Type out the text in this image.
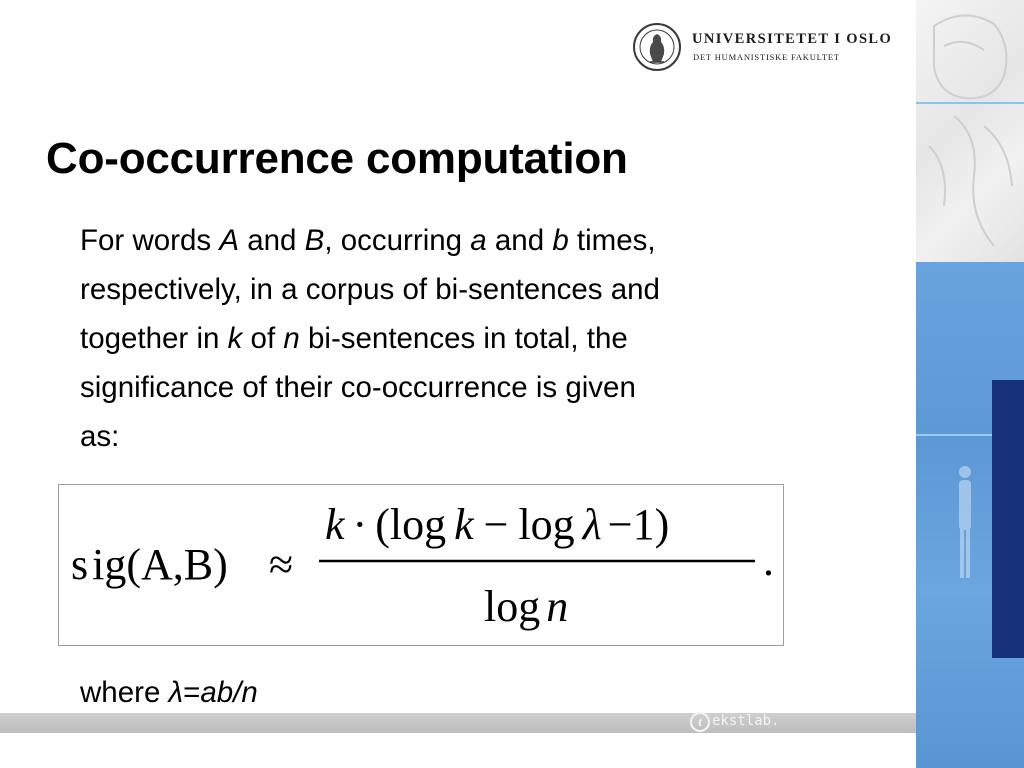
UNIVERSITETET I OSLO
DET HUMANISTISKE FAKULTET
Co-occurrence computation
For words A and B, occurring a and b times,
respectively, in a corpus of bi-sentences and
together in k of n bi-sentences in total, the
significance of their co-occurrence is given
as:
sig(A,B) ≈
k · (log k − log λ −1)
log n
.
where λ=ab/n
t ekstlab.
